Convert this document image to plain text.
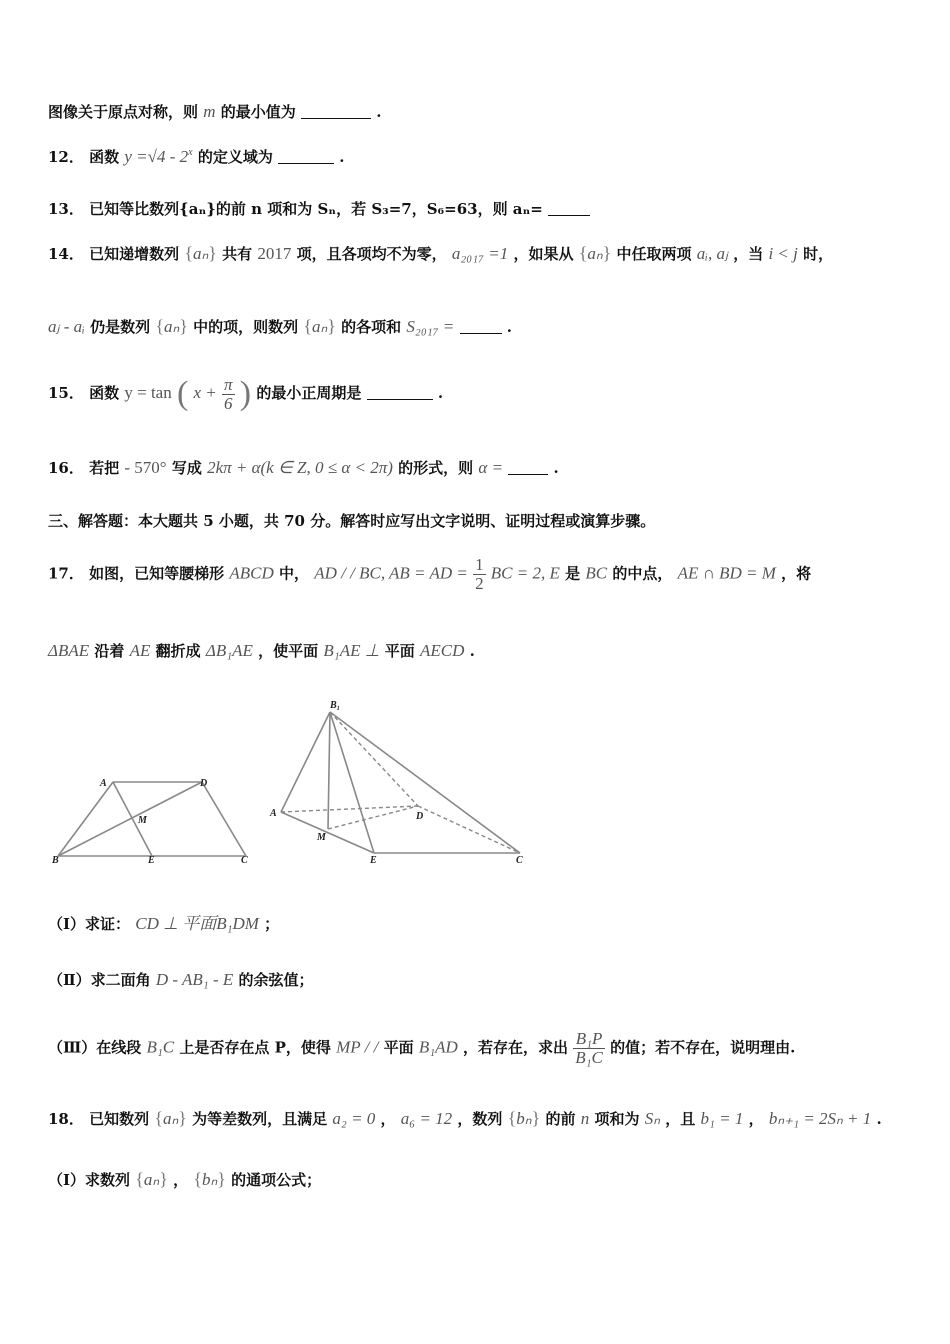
图像关于原点对称，则 m 的最小值为	.
12． 函数 y =√4 - 2$^x$ 的定义域为	.
13． 已知等比数列{aₙ}的前 n 项和为 Sₙ，若 S₃=7，S₆=63，则 aₙ=
14． 已知递增数列 {aₙ} 共有 2017 项，且各项均不为零， a₂₀₁₇ =1 ，如果从 {aₙ} 中任取两项 aᵢ, aⱼ ，当 i < j 时，
aⱼ - aᵢ 仍是数列 {aₙ} 中的项，则数列 {aₙ} 的各项和 S₂₀₁₇ =	.
15． 函数 y = tan ( $x + \frac{\pi}{6}$ ) 的最小正周期是	.
16． 若把 - 570° 写成 2kπ + α(k ∈ Z, 0 ≤ α < 2π) 的形式，则 α =	.
三、解答题：本大题共 5 小题，共 70 分。解答时应写出文字说明、证明过程或演算步骤。
17． 如图，已知等腰梯形 ABCD 中， AD / / BC, AB = AD = $\frac{1}{2}$ BC = 2, E 是 BC 的中点， AE ∩ BD = M ，将
ΔBAE 沿着 AE 翻折成 ΔB₁AE ，使平面 B₁AE ⊥ 平面 AECD .
A	D
M
B	E	C
B₁
A	D
M
E	C
（Ⅰ）求证： CD ⊥ 平面B₁DM ；
（Ⅱ）求二面角 D - AB₁ - E 的余弦值；
（Ⅲ）在线段 B₁C 上是否存在点 P，使得 MP / / 平面 B₁AD ，若存在，求出 $\frac{\text{B₁P}}{\text{B₁C}}$ 的值；若不存在，说明理由.
18． 已知数列 {aₙ} 为等差数列，且满足 a₂ = 0 ， a₆ = 12 ，数列 {bₙ} 的前 n 项和为 Sₙ ，且 b₁ = 1 ， bₙ₊₁ = 2Sₙ + 1 .
（Ⅰ）求数列 {aₙ} ， {bₙ} 的通项公式；
